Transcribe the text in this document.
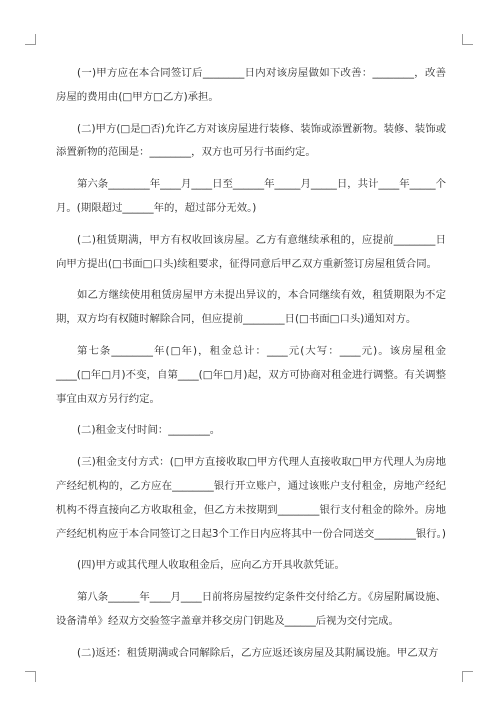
(一)甲方应在本合同签订后________日内对该房屋做如下改善：________，改善房屋的费用由(□甲方□乙方)承担。

(二)甲方(□是□否)允许乙方对该房屋进行装修、装饰或添置新物。装修、装饰或添置新物的范围是：________，双方也可另行书面约定。

第六条________年____月____日至______年_____月_____日，共计____年_____个月。(期限超过______年的，超过部分无效。)

(二)租赁期满，甲方有权收回该房屋。乙方有意继续承租的，应提前________日向甲方提出(□书面□口头)续租要求，征得同意后甲乙双方重新签订房屋租赁合同。

如乙方继续使用租赁房屋甲方未提出异议的，本合同继续有效，租赁期限为不定期，双方均有权随时解除合同，但应提前________日(□书面□口头)通知对方。

第七条________年(□年)，租金总计：____元(大写：____元)。该房屋租金____(□年□月)不变，自第____(□年□月)起，双方可协商对租金进行调整。有关调整事宜由双方另行约定。

(二)租金支付时间：________。

(三)租金支付方式：(□甲方直接收取□甲方代理人直接收取□甲方代理人为房地产经纪机构的，乙方应在________银行开立账户，通过该账户支付租金，房地产经纪机构不得直接向乙方收取租金，但乙方未按期到________银行支付租金的除外。房地产经纪机构应于本合同签订之日起3个工作日内应将其中一份合同送交________银行。)

(四)甲方或其代理人收取租金后，应向乙方开具收款凭证。

第八条______年____月____日前将房屋按约定条件交付给乙方。《房屋附属设施、设备清单》经双方交验签字盖章并移交房门钥匙及______后视为交付完成。

(二)返还：租赁期满或合同解除后，乙方应返还该房屋及其附属设施。甲乙双方
